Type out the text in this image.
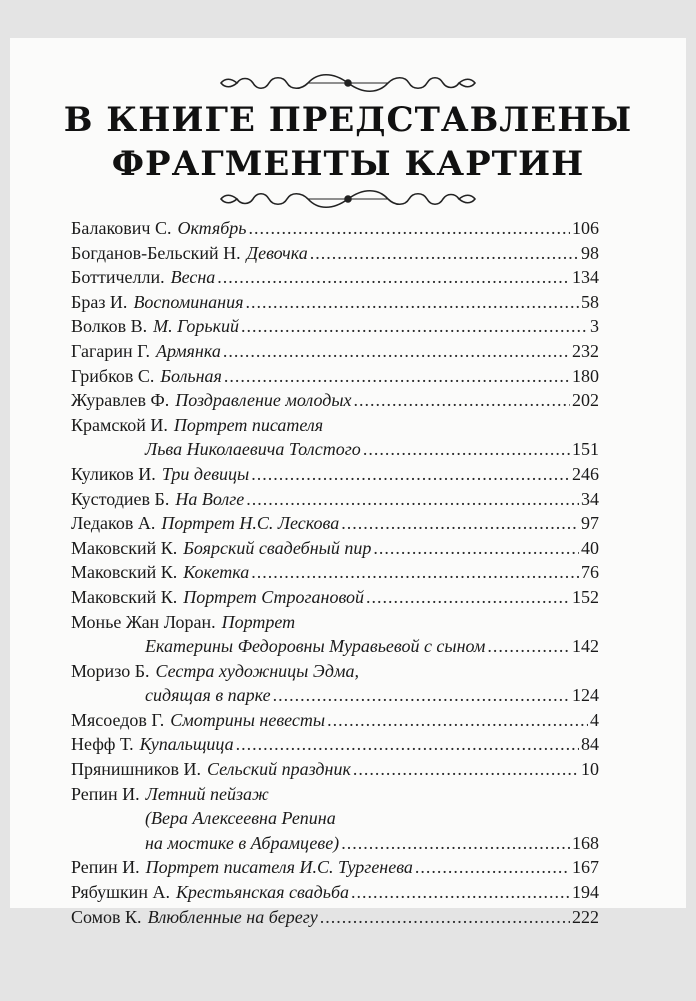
В КНИГЕ ПРЕДСТАВЛЕНЫ
ФРАГМЕНТЫ КАРТИН
Балакович С. Октябрь .....	106
Богданов-Бельский Н. Девочка .....	98
Боттичелли. Весна .....	134
Браз И. Воспоминания .....	58
Волков В. М. Горький .....	3
Гагарин Г. Армянка .....	232
Грибков С. Больная .....	180
Журавлев Ф. Поздравление молодых .....	202
Крамской И. Портрет писателя
Льва Николаевича Толстого .....	151
Куликов И. Три девицы .....	246
Кустодиев Б. На Волге .....	34
Ледаков А. Портрет Н.С. Лескова .....	97
Маковский К. Боярский свадебный пир .....	40
Маковский К. Кокетка .....	76
Маковский К. Портрет Строгановой .....	152
Монье Жан Лоран. Портрет
Екатерины Федоровны Муравьевой с сыном .....	142
Моризо Б. Сестра художницы Эдма,
сидящая в парке .....	124
Мясоедов Г. Смотрины невесты .....	4
Нефф Т. Купальщица .....	84
Прянишников И. Сельский праздник .....	10
Репин И. Летний пейзаж
(Вера Алексеевна Репина
на мостике в Абрамцеве) .....	168
Репин И. Портрет писателя И.С. Тургенева .....	167
Рябушкин А. Крестьянская свадьба .....	194
Сомов К. Влюбленные на берегу .....	222
